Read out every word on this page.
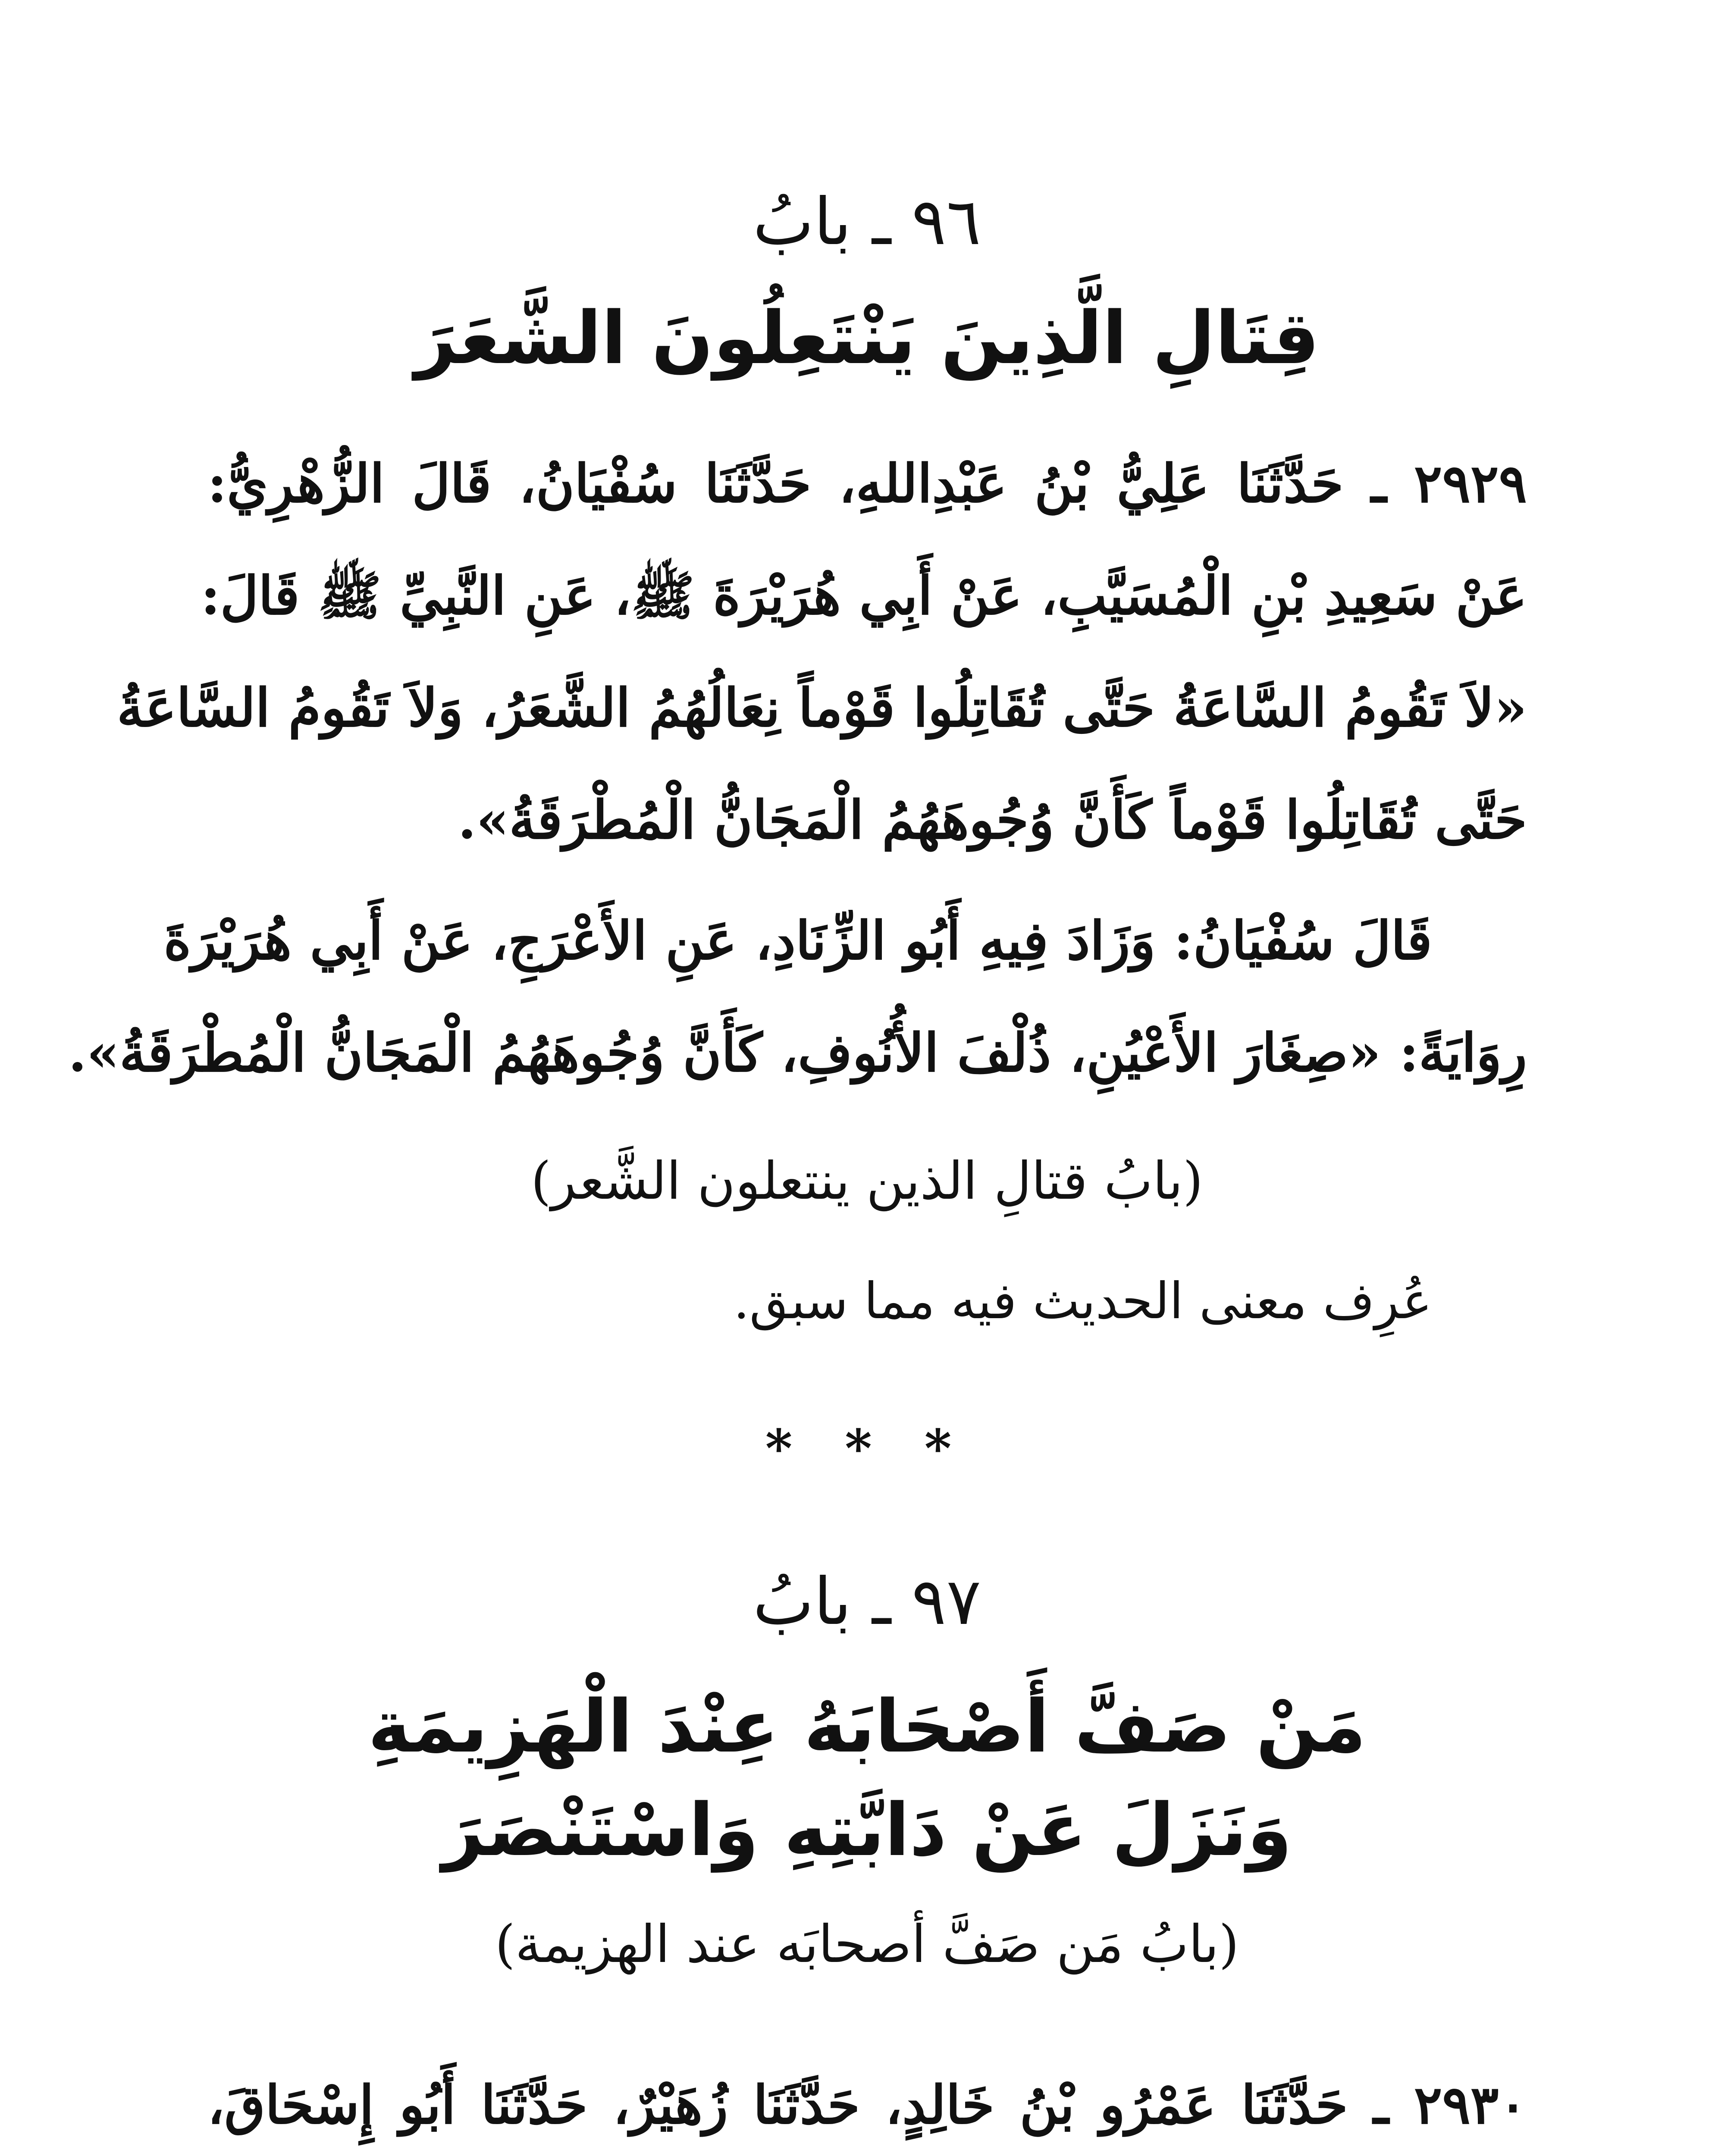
٩٦ ـ بابُ
قِتَالِ الَّذِينَ يَنْتَعِلُونَ الشَّعَرَ
٢٩٢٩ ـ حَدَّثَنَا عَلِيُّ بْنُ عَبْدِاللهِ، حَدَّثَنَا سُفْيَانُ، قَالَ الزُّهْرِيُّ:
عَنْ سَعِيدِ بْنِ الْمُسَيَّبِ، عَنْ أَبِي هُرَيْرَةَ ﷺ، عَنِ النَّبِيِّ ﷺ قَالَ:
«لاَ تَقُومُ السَّاعَةُ حَتَّى تُقَاتِلُوا قَوْماً نِعَالُهُمُ الشَّعَرُ، وَلاَ تَقُومُ السَّاعَةُ
حَتَّى تُقَاتِلُوا قَوْماً كَأَنَّ وُجُوهَهُمُ الْمَجَانُّ الْمُطْرَقَةُ».
قَالَ سُفْيَانُ: وَزَادَ فِيهِ أَبُو الزِّنَادِ، عَنِ الأَعْرَجِ، عَنْ أَبِي هُرَيْرَةَ
رِوَايَةً: «صِغَارَ الأَعْيُنِ، ذُلْفَ الأُنُوفِ، كَأَنَّ وُجُوهَهُمُ الْمَجَانُّ الْمُطْرَقَةُ».
(بابُ قتالِ الذين ينتعلون الشَّعر)
عُرِف معنى الحديث فيه مما سبق.
* * *
٩٧ ـ بابُ
مَنْ صَفَّ أَصْحَابَهُ عِنْدَ الْهَزِيمَةِ
وَنَزَلَ عَنْ دَابَّتِهِ وَاسْتَنْصَرَ
(بابُ مَن صَفَّ أصحابَه عند الهزيمة)
٢٩٣٠ ـ حَدَّثَنَا عَمْرُو بْنُ خَالِدٍ، حَدَّثَنَا زُهَيْرٌ، حَدَّثَنَا أَبُو إِسْحَاقَ،
